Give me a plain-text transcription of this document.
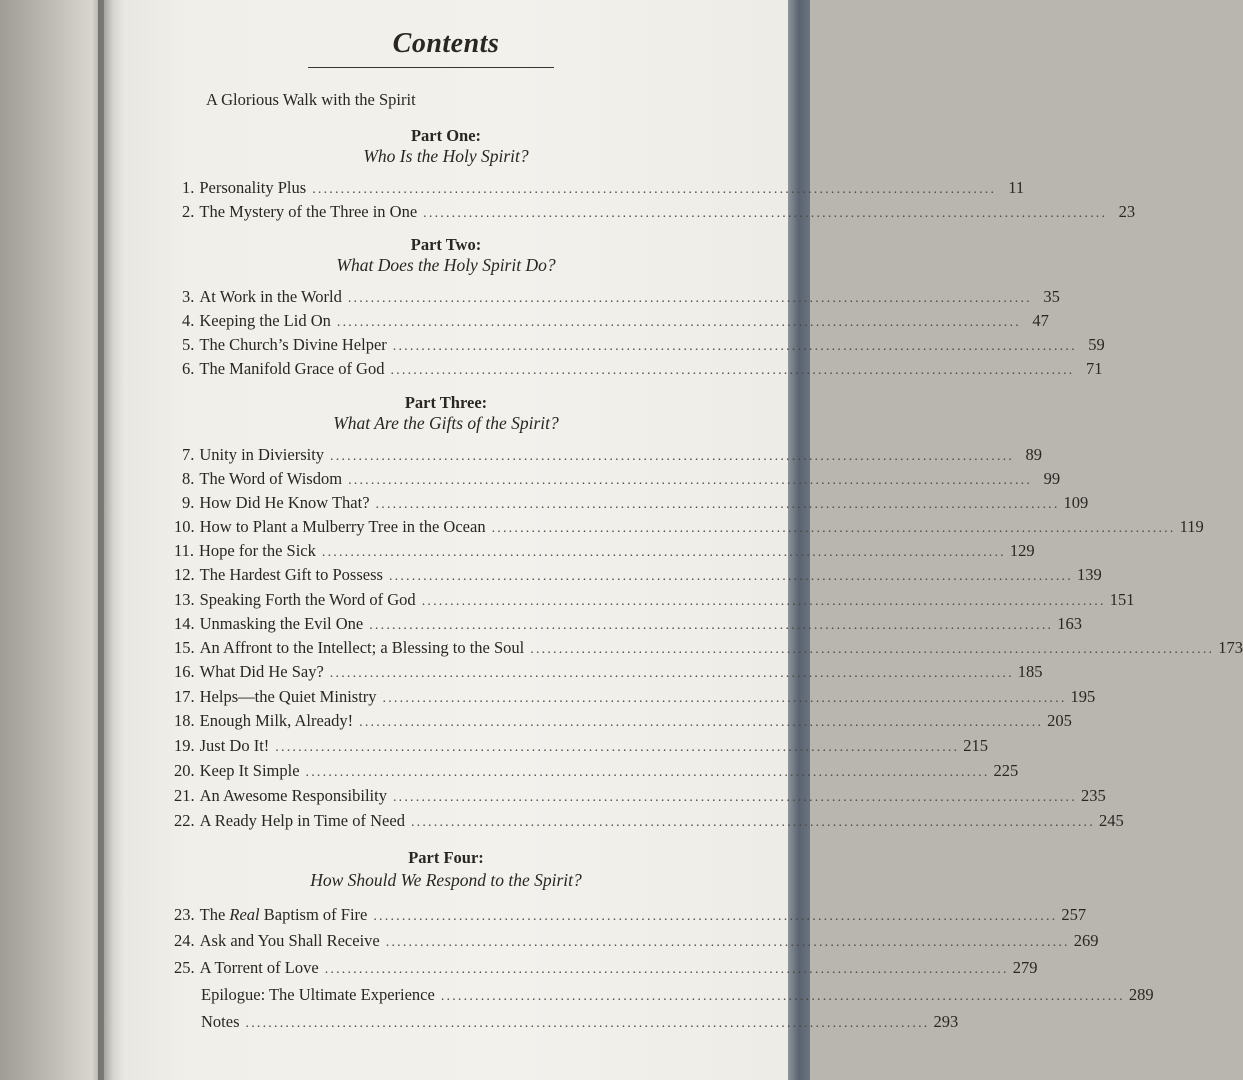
Contents
A Glorious Walk with the Spirit
Part One:
Who Is the Holy Spirit?
1. Personality Plus ........................................................................................................................ 11
2. The Mystery of the Three in One ........................................................................................................................ 23
Part Two:
What Does the Holy Spirit Do?
3. At Work in the World ........................................................................................................................ 35
4. Keeping the Lid On ........................................................................................................................ 47
5. The Church’s Divine Helper ........................................................................................................................ 59
6. The Manifold Grace of God ........................................................................................................................ 71
Part Three:
What Are the Gifts of the Spirit?
7. Unity in Diviersity ........................................................................................................................ 89
8. The Word of Wisdom ........................................................................................................................ 99
9. How Did He Know That? ........................................................................................................................ 109
10. How to Plant a Mulberry Tree in the Ocean ........................................................................................................................ 119
11. Hope for the Sick ........................................................................................................................ 129
12. The Hardest Gift to Possess ........................................................................................................................ 139
13. Speaking Forth the Word of God ........................................................................................................................ 151
14. Unmasking the Evil One ........................................................................................................................ 163
15. An Affront to the Intellect; a Blessing to the Soul ........................................................................................................................ 173
16. What Did He Say? ........................................................................................................................ 185
17. Helps—the Quiet Ministry ........................................................................................................................ 195
18. Enough Milk, Already! ........................................................................................................................ 205
19. Just Do It! ........................................................................................................................ 215
20. Keep It Simple ........................................................................................................................ 225
21. An Awesome Responsibility ........................................................................................................................ 235
22. A Ready Help in Time of Need ........................................................................................................................ 245
Part Four:
How Should We Respond to the Spirit?
23. The Real Baptism of Fire ........................................................................................................................ 257
24. Ask and You Shall Receive ........................................................................................................................ 269
25. A Torrent of Love ........................................................................................................................ 279
Epilogue: The Ultimate Experience ........................................................................................................................ 289
Notes ........................................................................................................................ 293
